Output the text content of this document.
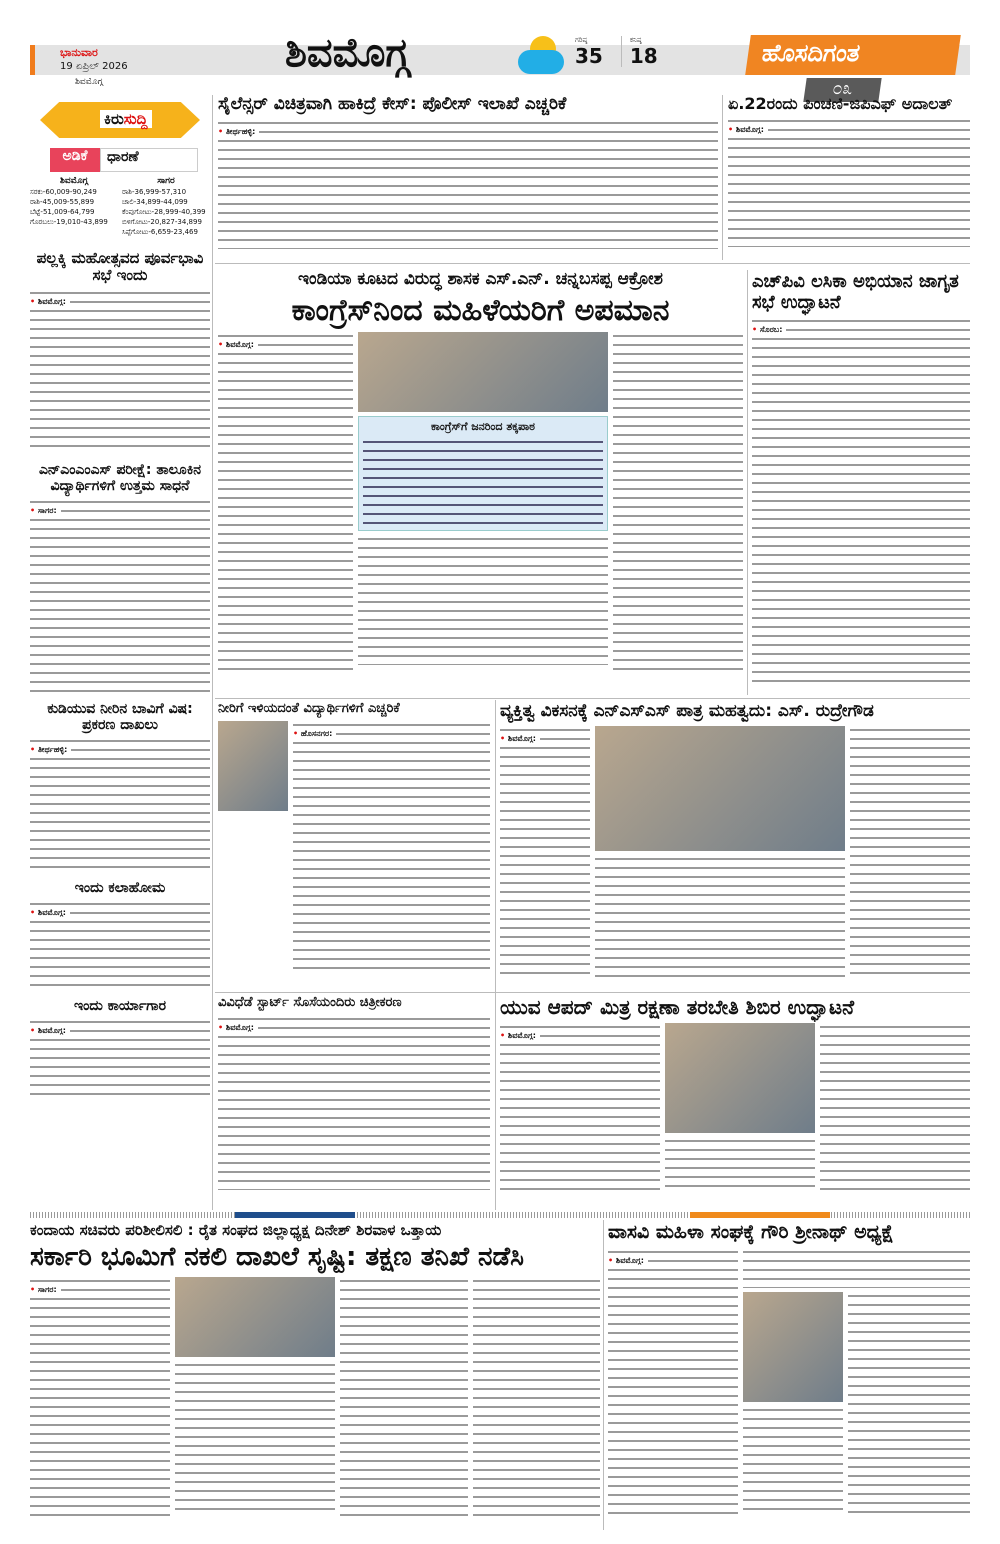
ಭಾನುವಾರ
19 ಏಪ್ರಿಲ್ 2026
ಶಿವಮೊಗ್ಗ
ಶಿವಮೊಗ್ಗ	ಗರಿಷ್ಠ
35
ಕನಿಷ್ಠ
18	ಹೊಸದಿಗಂತ
೦೩
ಕಿರುಸುದ್ದಿ
ಅಡಿಕೆ	ಧಾರಣೆ
ಶಿವಮೊಗ್ಗ
ಸರಕು-60,009-90,249
ರಾಶಿ-45,009-55,899
ಬೆಟ್ಟೆ-51,009-64,799
ಗೊರಬಲು-19,010-43,899
ಸಾಗರ
ರಾಶಿ-36,999-57,310
ಚಾಲಿ-34,899-44,099
ಕೆಂಪುಗೋಟು-28,999-40,399
ಬಿಳಿಗೋಟು-20,827-34,899
ಸಿಪ್ಪೆಗೋಟು-6,659-23,469
ಪಲ್ಲಕ್ಕಿ ಮಹೋತ್ಸವದ ಪೂರ್ವಭಾವಿ ಸಭೆ ಇಂದು
• ಶಿವಮೊಗ್ಗ:
ಎನ್‌ಎಂಎಂಎಸ್ ಪರೀಕ್ಷೆ: ತಾಲೂಕಿನ ವಿದ್ಯಾರ್ಥಿಗಳಿಗೆ ಉತ್ತಮ ಸಾಧನೆ
• ಸಾಗರ:
ಕುಡಿಯುವ ನೀರಿನ ಬಾವಿಗೆ ವಿಷ: ಪ್ರಕರಣ ದಾಖಲು
• ತೀರ್ಥಹಳ್ಳಿ:
ಇಂದು ಕಲಾಹೋಮ
• ಶಿವಮೊಗ್ಗ:
ಇಂದು ಕಾರ್ಯಾಗಾರ
• ಶಿವಮೊಗ್ಗ:
ಸೈಲೆನ್ಸರ್ ವಿಚಿತ್ರವಾಗಿ ಹಾಕಿದ್ರೆ ಕೇಸ್: ಪೊಲೀಸ್ ಇಲಾಖೆ ಎಚ್ಚರಿಕೆ
• ತೀರ್ಥಹಳ್ಳಿ:
ಏ.22ರಂದು ಪಿಂಚಣಿ-ಜಿಪಿಎಫ್ ಅದಾಲತ್
• ಶಿವಮೊಗ್ಗ:
ಇಂಡಿಯಾ ಕೂಟದ ವಿರುದ್ಧ ಶಾಸಕ ಎಸ್.ಎನ್. ಚನ್ನಬಸಪ್ಪ ಆಕ್ರೋಶ
ಕಾಂಗ್ರೆಸ್‌ನಿಂದ ಮಹಿಳೆಯರಿಗೆ ಅಪಮಾನ
• ಶಿವಮೊಗ್ಗ:
ಕಾಂಗ್ರೆಸ್‌ಗೆ ಜನರಿಂದ ತಕ್ಕಪಾಠ
ಎಚ್‌ಪಿವಿ ಲಸಿಕಾ ಅಭಿಯಾನ ಜಾಗೃತ ಸಭೆ ಉದ್ಘಾಟನೆ
• ಸೊರಬ:
ನೀರಿಗೆ ಇಳಿಯದಂತೆ ವಿದ್ಯಾರ್ಥಿಗಳಿಗೆ ಎಚ್ಚರಿಕೆ
• ಹೊಸನಗರ:
ವ್ಯಕ್ತಿತ್ವ ವಿಕಸನಕ್ಕೆ ಎನ್‌ಎಸ್‌ಎಸ್ ಪಾತ್ರ ಮಹತ್ವದು: ಎಸ್. ರುದ್ರೇಗೌಡ
• ಶಿವಮೊಗ್ಗ:
ವಿವಿಧೆಡೆ ಸ್ಟಾರ್ಟ್ ಸೊಸೆಯಂದಿರು ಚಿತ್ರೀಕರಣ
• ಶಿವಮೊಗ್ಗ:
ಯುವ ಆಪದ್ ಮಿತ್ರ ರಕ್ಷಣಾ ತರಬೇತಿ ಶಿಬಿರ ಉದ್ಘಾಟನೆ
• ಶಿವಮೊಗ್ಗ:
ಕಂದಾಯ ಸಚಿವರು ಪರಿಶೀಲಿಸಲಿ : ರೈತ ಸಂಘದ ಜಿಲ್ಲಾಧ್ಯಕ್ಷ ದಿನೇಶ್ ಶಿರವಾಳ ಒತ್ತಾಯ
ಸರ್ಕಾರಿ ಭೂಮಿಗೆ ನಕಲಿ ದಾಖಲೆ ಸೃಷ್ಟಿ: ತಕ್ಷಣ ತನಿಖೆ ನಡೆಸಿ
• ಸಾಗರ:
ವಾಸವಿ ಮಹಿಳಾ ಸಂಘಕ್ಕೆ ಗೌರಿ ಶ್ರೀನಾಥ್ ಅಧ್ಯಕ್ಷೆ
• ಶಿವಮೊಗ್ಗ:
